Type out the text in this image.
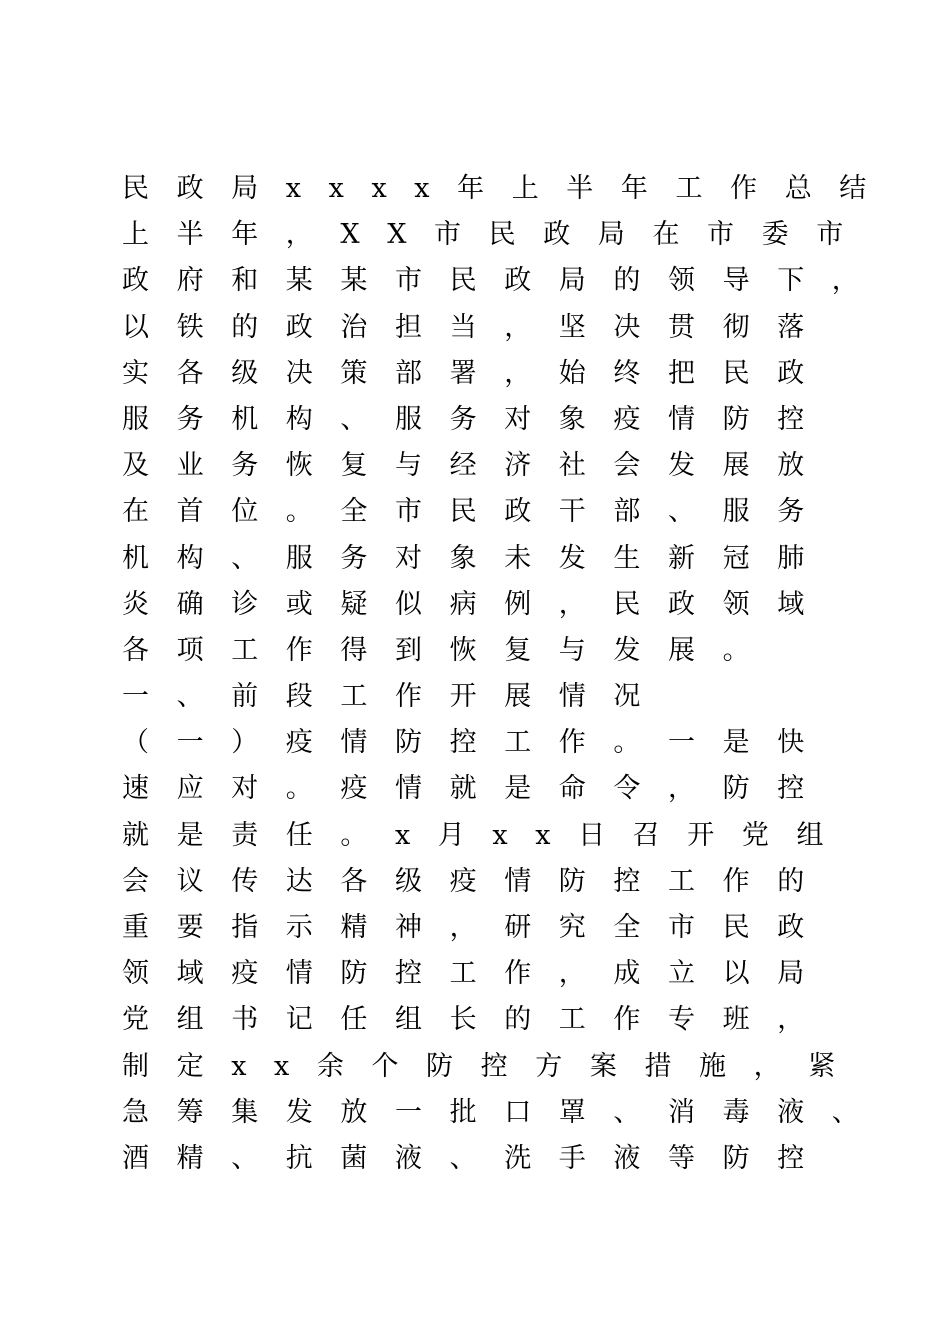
民政局xxxx年上半年工作总结
上半年，XX市民政局在市委市
政府和某某市民政局的领导下，
以铁的政治担当，坚决贯彻落
实各级决策部署，始终把民政
服务机构、服务对象疫情防控
及业务恢复与经济社会发展放
在首位。全市民政干部、服务
机构、服务对象未发生新冠肺
炎确诊或疑似病例，民政领域
各项工作得到恢复与发展。
一、前段工作开展情况
（一）疫情防控工作。一是快
速应对。疫情就是命令，防控
就是责任。x月xx日召开党组
会议传达各级疫情防控工作的
重要指示精神，研究全市民政
领域疫情防控工作，成立以局
党组书记任组长的工作专班，
制定xx余个防控方案措施，紧
急筹集发放一批口罩、消毒液、
酒精、抗菌液、洗手液等防控
